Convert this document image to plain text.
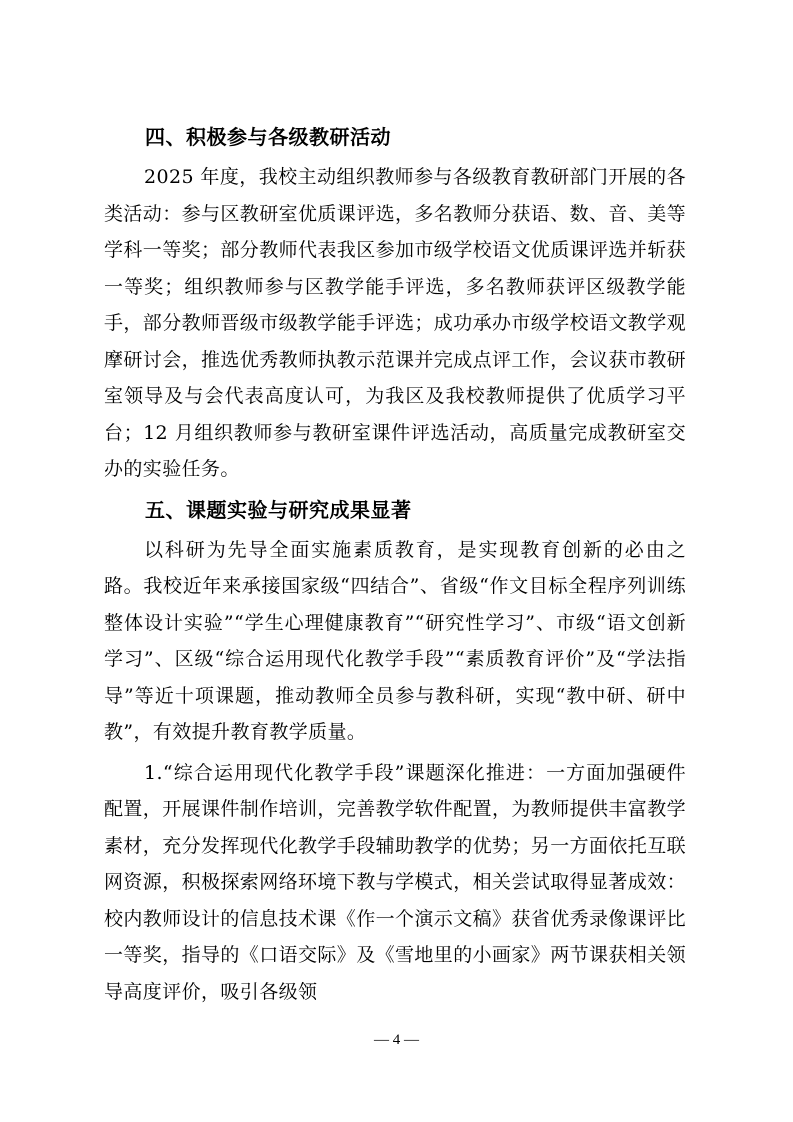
四、积极参与各级教研活动

2025 年度，我校主动组织教师参与各级教育教研部门开展的各类活动：参与区教研室优质课评选，多名教师分获语、数、音、美等学科一等奖；部分教师代表我区参加市级学校语文优质课评选并斩获一等奖；组织教师参与区教学能手评选，多名教师获评区级教学能手，部分教师晋级市级教学能手评选；成功承办市级学校语文教学观摩研讨会，推选优秀教师执教示范课并完成点评工作，会议获市教研室领导及与会代表高度认可，为我区及我校教师提供了优质学习平台；12 月组织教师参与教研室课件评选活动，高质量完成教研室交办的实验任务。

五、课题实验与研究成果显著

以科研为先导全面实施素质教育，是实现教育创新的必由之路。我校近年来承接国家级“四结合”、省级“作文目标全程序列训练整体设计实验”“学生心理健康教育”“研究性学习”、市级“语文创新学习”、区级“综合运用现代化教学手段”“素质教育评价”及“学法指导”等近十项课题，推动教师全员参与教科研，实现“教中研、研中教”，有效提升教育教学质量。

1.“综合运用现代化教学手段”课题深化推进：一方面加强硬件配置，开展课件制作培训，完善教学软件配置，为教师提供丰富教学素材，充分发挥现代化教学手段辅助教学的优势；另一方面依托互联网资源，积极探索网络环境下教与学模式，相关尝试取得显著成效：校内教师设计的信息技术课《作一个演示文稿》获省优秀录像课评比一等奖，指导的《口语交际》及《雪地里的小画家》两节课获相关领导高度评价，吸引各级领

— 4 —
